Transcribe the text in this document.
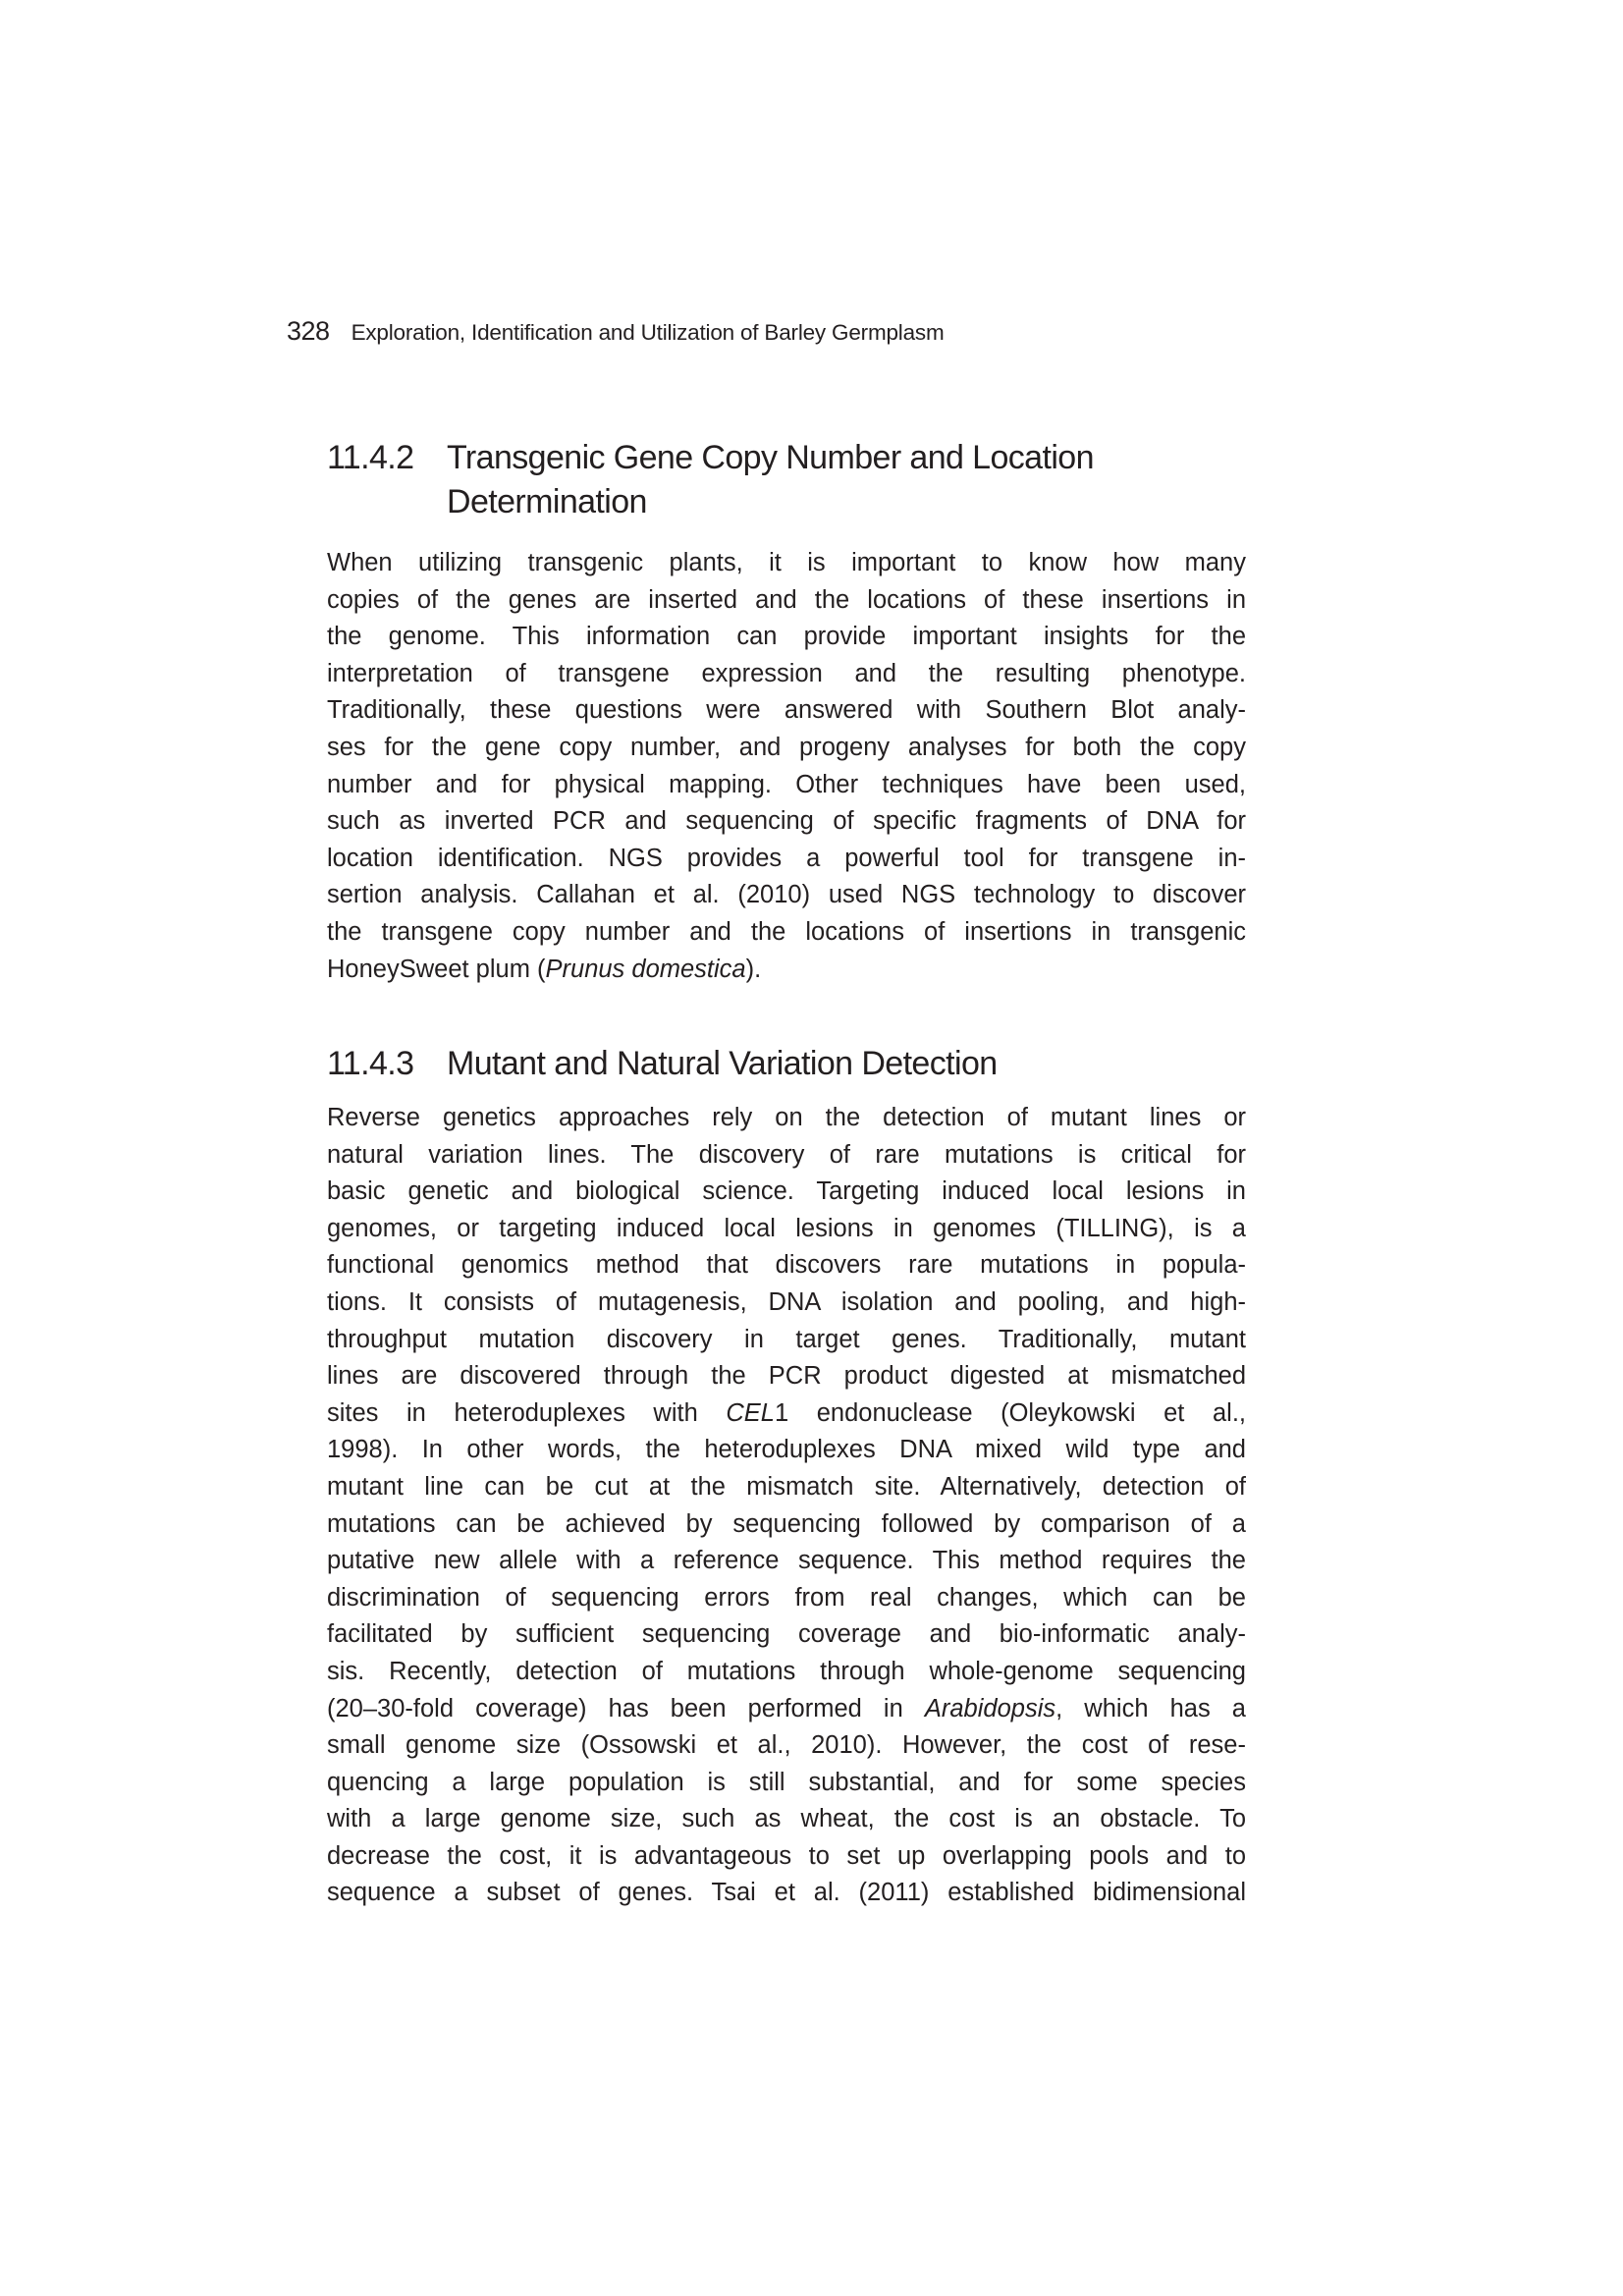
328 Exploration, Identification and Utilization of Barley Germplasm
11.4.2 Transgenic Gene Copy Number and Location
Determination

When utilizing transgenic plants, it is important to know how many
copies of the genes are inserted and the locations of these insertions in
the genome. This information can provide important insights for the
interpretation of transgene expression and the resulting phenotype.
Traditionally, these questions were answered with Southern Blot analy-
ses for the gene copy number, and progeny analyses for both the copy
number and for physical mapping. Other techniques have been used,
such as inverted PCR and sequencing of specific fragments of DNA for
location identification. NGS provides a powerful tool for transgene in-
sertion analysis. Callahan et al. (2010) used NGS technology to discover
the transgene copy number and the locations of insertions in transgenic
HoneySweet plum (Prunus domestica).

11.4.3 Mutant and Natural Variation Detection

Reverse genetics approaches rely on the detection of mutant lines or
natural variation lines. The discovery of rare mutations is critical for
basic genetic and biological science. Targeting induced local lesions in
genomes, or targeting induced local lesions in genomes (TILLING), is a
functional genomics method that discovers rare mutations in popula-
tions. It consists of mutagenesis, DNA isolation and pooling, and high-
throughput mutation discovery in target genes. Traditionally, mutant
lines are discovered through the PCR product digested at mismatched
sites in heteroduplexes with CEL1 endonuclease (Oleykowski et al.,
1998). In other words, the heteroduplexes DNA mixed wild type and
mutant line can be cut at the mismatch site. Alternatively, detection of
mutations can be achieved by sequencing followed by comparison of a
putative new allele with a reference sequence. This method requires the
discrimination of sequencing errors from real changes, which can be
facilitated by sufficient sequencing coverage and bio-informatic analy-
sis. Recently, detection of mutations through whole-genome sequencing
(20–30-fold coverage) has been performed in Arabidopsis, which has a
small genome size (Ossowski et al., 2010). However, the cost of rese-
quencing a large population is still substantial, and for some species
with a large genome size, such as wheat, the cost is an obstacle. To
decrease the cost, it is advantageous to set up overlapping pools and to
sequence a subset of genes. Tsai et al. (2011) established bidimensional
